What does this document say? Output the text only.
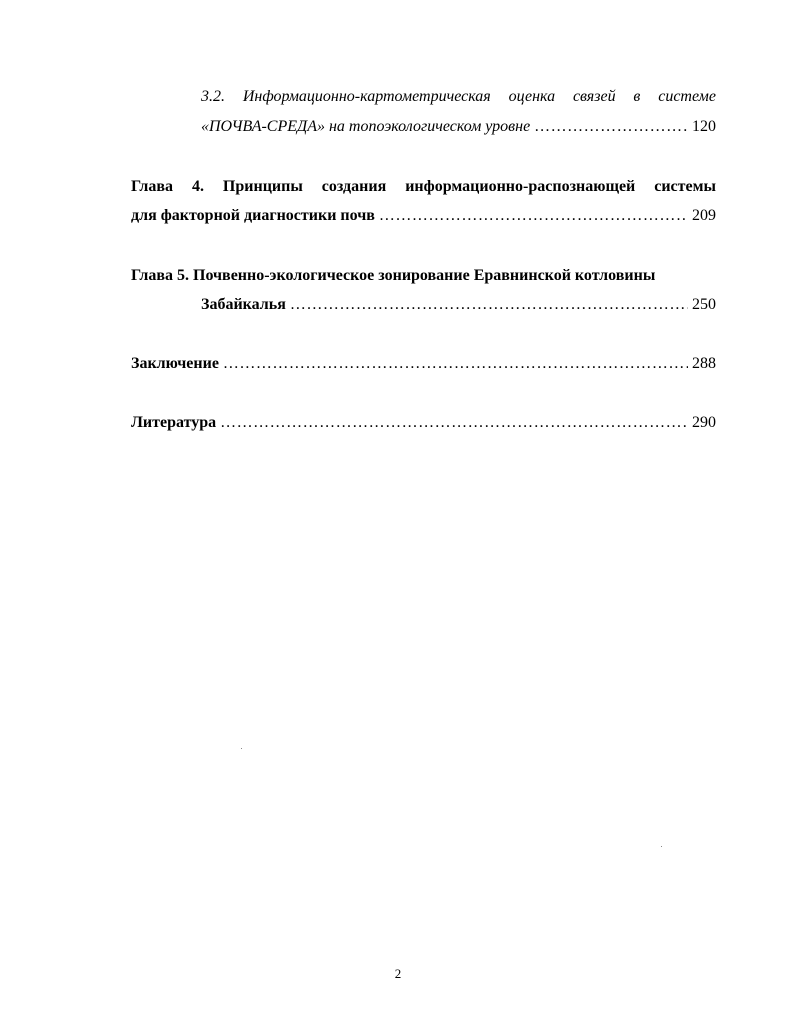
3.2. Информационно-картометрическая оценка связей в системе
«ПОЧВА-СРЕДА» на топоэкологическом уровне ………………………………………………………………………………………………………………………………………………	120
Глава 4. Принципы создания информационно-распознающей системы
для факторной диагностики почв ………………………………………………………………………………………………………………………………………………	209
Глава 5. Почвенно-экологическое зонирование Еравнинской котловины
Забайкалья ………………………………………………………………………………………………………………………………………………	250
Заключение ………………………………………………………………………………………………………………………………………………	288
Литература ………………………………………………………………………………………………………………………………………………	290
2
